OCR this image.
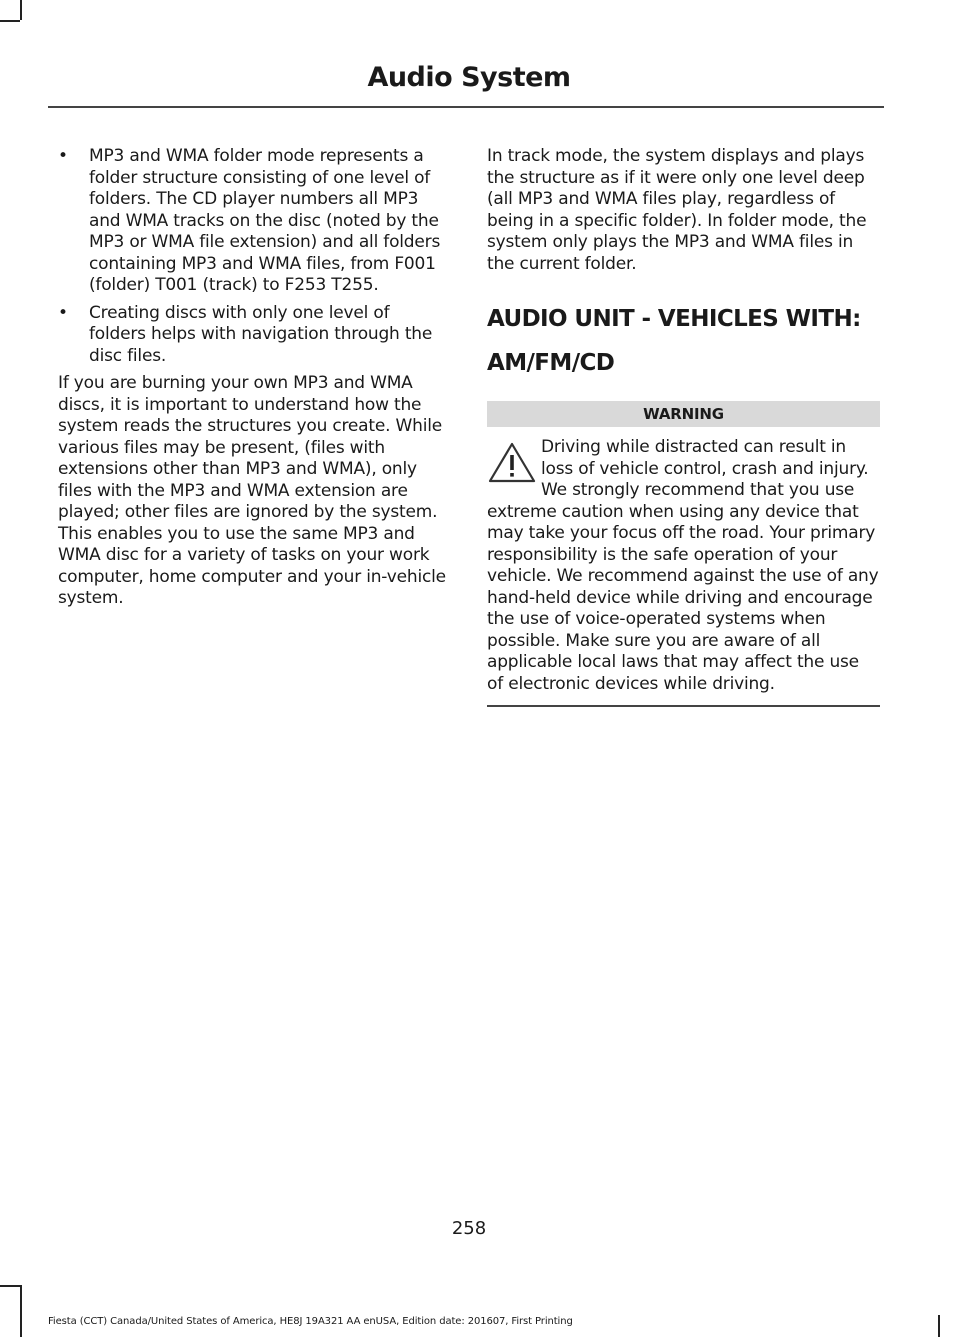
Audio System
• MP3 and WMA folder mode represents a folder structure consisting of one level of folders. The CD player numbers all MP3 and WMA tracks on the disc (noted by the MP3 or WMA file extension) and all folders containing MP3 and WMA files, from F001 (folder) T001 (track) to F253 T255.
• Creating discs with only one level of folders helps with navigation through the disc files.

If you are burning your own MP3 and WMA discs, it is important to understand how the system reads the structures you create. While various files may be present, (files with extensions other than MP3 and WMA), only files with the MP3 and WMA extension are played; other files are ignored by the system. This enables you to use the same MP3 and WMA disc for a variety of tasks on your work computer, home computer and your in-vehicle system.

In track mode, the system displays and plays the structure as if it were only one level deep (all MP3 and WMA files play, regardless of being in a specific folder). In folder mode, the system only plays the MP3 and WMA files in the current folder.

AUDIO UNIT - VEHICLES WITH:
AM/FM/CD
WARNING
Driving while distracted can result in loss of vehicle control, crash and injury. We strongly recommend that you use extreme caution when using any device that may take your focus off the road. Your primary responsibility is the safe operation of your vehicle. We recommend against the use of any hand-held device while driving and encourage the use of voice-operated systems when possible. Make sure you are aware of all applicable local laws that may affect the use of electronic devices while driving.
258
Fiesta (CCT) Canada/United States of America, HE8J 19A321 AA enUSA, Edition date: 201607, First Printing
